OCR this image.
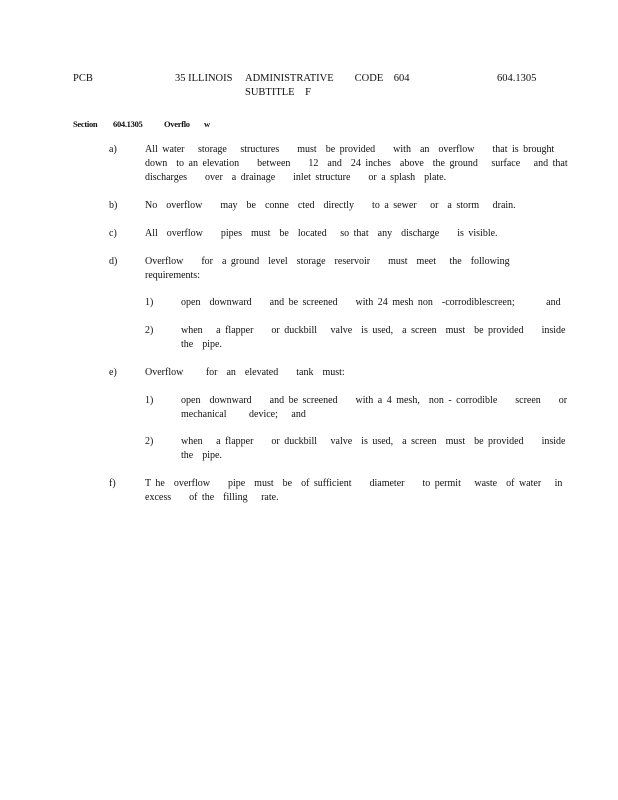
PCB	35 ILLINOIS     ADMINISTRATIVE        CODE    604
SUBTITLE    F
604.1305
Section 604.1305	Overflo w
a)	All water   storage   structures    must  be provided    with  an  overflow    that is brought
down  to an elevation    between    12  and  24 inches  above  the ground   surface   and that
discharges    over  a drainage    inlet structure    or a splash  plate.
b)	No  overflow    may  be  conne  cted  directly    to a sewer   or  a storm   drain.
c)	All  overflow    pipes  must  be  located   so that  any  discharge    is visible.
d)	Overflow    for  a ground  level  storage  reservoir    must  meet   the  following
requirements:
1)	open  downward    and be screened    with 24 mesh non  -corrodiblescreen;       and
2)	when   a flapper    or duckbill   valve  is used,  a screen  must  be provided    inside
the  pipe.
e)	Overflow     for  an  elevated    tank  must:
1)	open  downward    and be screened    with a 4 mesh,  non - corrodible    screen    or
mechanical     device;   and
2)	when   a flapper    or duckbill   valve  is used,  a screen  must  be provided    inside
the  pipe.
f)	T he  overflow    pipe  must  be  of sufficient    diameter    to permit   waste  of water   in
excess    of the  filling   rate.
